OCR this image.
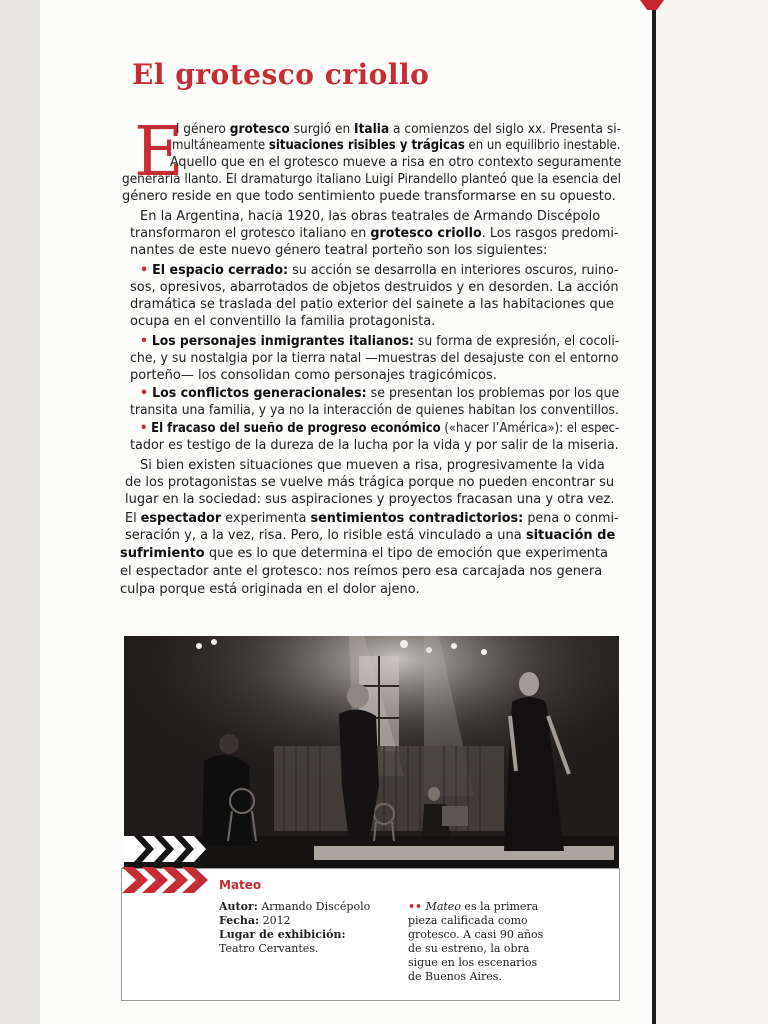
El grotesco criollo
E

l género grotesco surgió en Italia a comienzos del siglo xx. Presenta si-

multáneamente situaciones risibles y trágicas en un equilibrio inestable.

Aquello que en el grotesco mueve a risa en otro contexto seguramente

generaría llanto. El dramaturgo italiano Luigi Pirandello planteó que la esencia del

género reside en que todo sentimiento puede transformarse en su opuesto.

En la Argentina, hacia 1920, las obras teatrales de Armando Discépolo

transformaron el grotesco italiano en grotesco criollo. Los rasgos predomi-

nantes de este nuevo género teatral porteño son los siguientes:

• El espacio cerrado: su acción se desarrolla en interiores oscuros, ruino-

sos, opresivos, abarrotados de objetos destruidos y en desorden. La acción

dramática se traslada del patio exterior del sainete a las habitaciones que

ocupa en el conventillo la familia protagonista.

• Los personajes inmigrantes italianos: su forma de expresión, el cocoli-

che, y su nostalgia por la tierra natal —muestras del desajuste con el entorno

porteño— los consolidan como personajes tragicómicos.

• Los conflictos generacionales: se presentan los problemas por los que

transita una familia, y ya no la interacción de quienes habitan los conventillos.

• El fracaso del sueño de progreso económico («hacer l’América»): el espec-

tador es testigo de la dureza de la lucha por la vida y por salir de la miseria.

Si bien existen situaciones que mueven a risa, progresivamente la vida

de los protagonistas se vuelve más trágica porque no pueden encontrar su

lugar en la sociedad: sus aspiraciones y proyectos fracasan una y otra vez.

El espectador experimenta sentimientos contradictorios: pena o conmi-

seración y, a la vez, risa. Pero, lo risible está vinculado a una situación de

sufrimiento que es lo que determina el tipo de emoción que experimenta

el espectador ante el grotesco: nos reímos pero esa carcajada nos genera

culpa porque está originada en el dolor ajeno.

Mateo
Autor: Armando Discépolo
Fecha: 2012
Lugar de exhibición:
Teatro Cervantes.
•• Mateo es la primera
pieza calificada como
grotesco. A casi 90 años
de su estreno, la obra
sigue en los escenarios
de Buenos Aires.
